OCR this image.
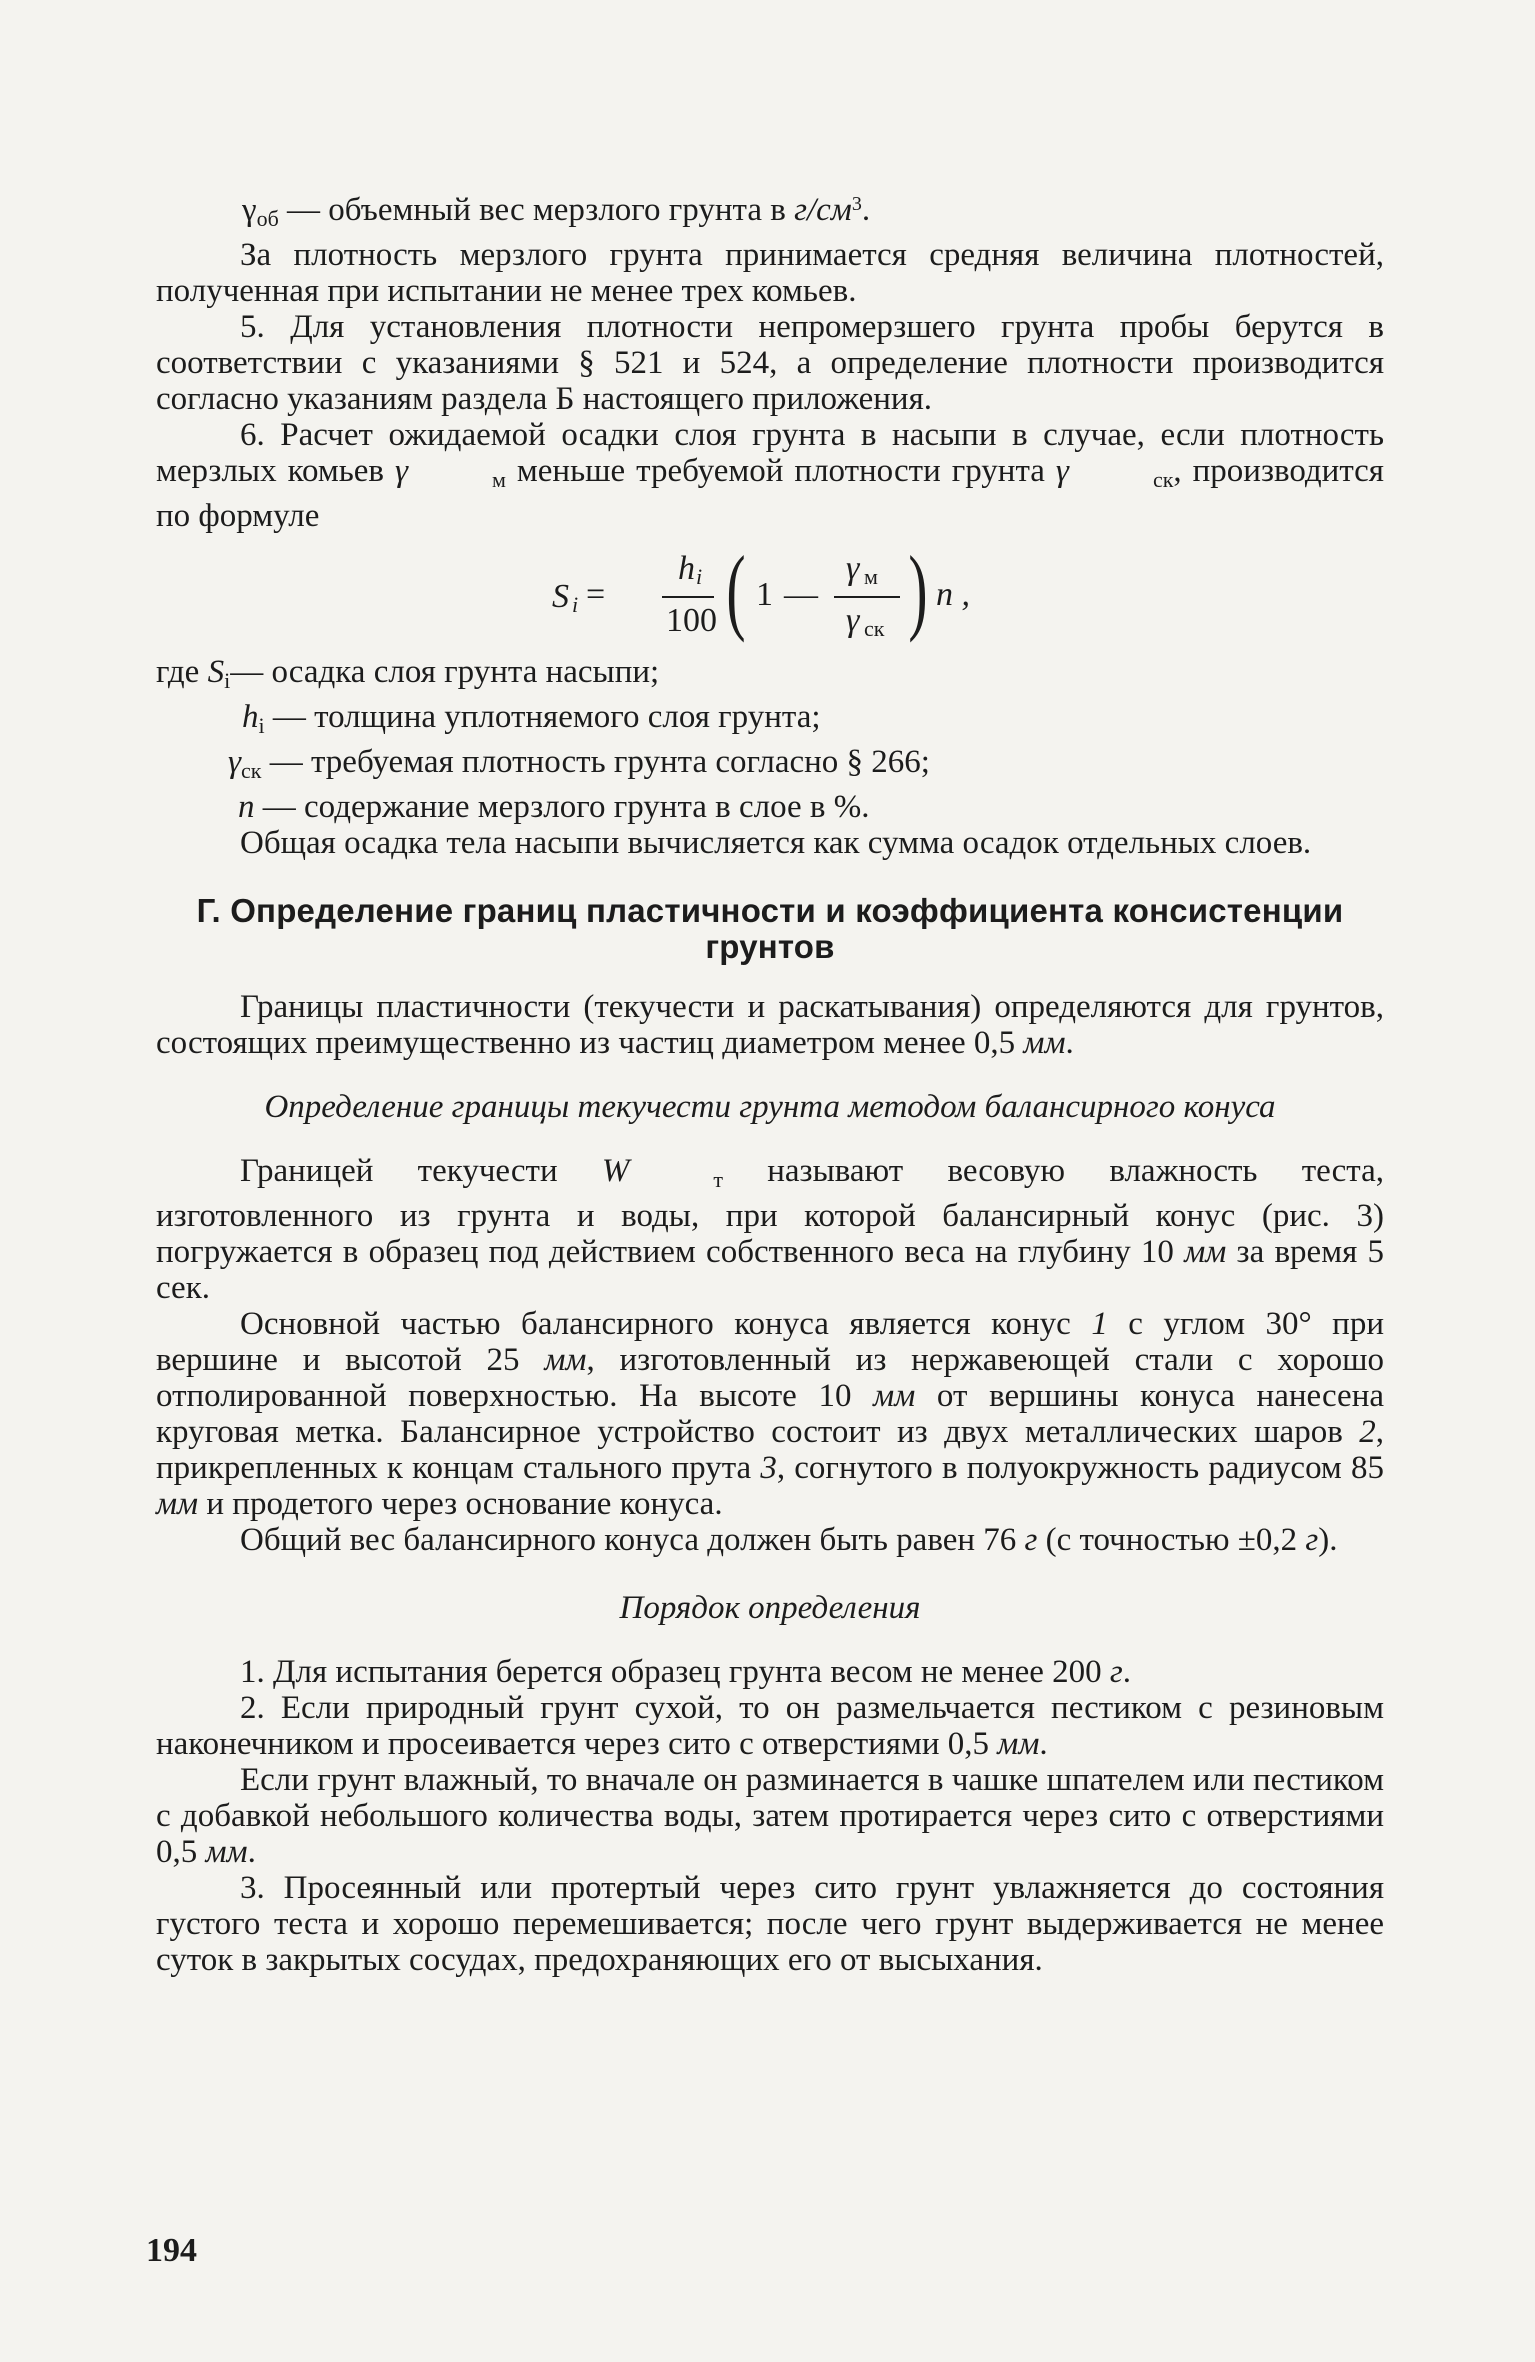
γоб — объемный вес мерзлого грунта в $г/см^3$.

За плотность мерзлого грунта принимается средняя величина плотностей, полученная при испытании не менее трех комьев.

5. Для установления плотности непромерзшего грунта пробы берутся в соответствии с указаниями § 521 и 524, а определение плотности производится согласно указаниям раздела Б настоящего приложения.

6. Расчет ожидаемой осадки слоя грунта в насыпи в случае, если плотность мерзлых комьев γ	м меньше требуемой плотности грунта γ	ск, производится по формуле

S i =
h i
100 ( 1 —
γ м
γ ск ) n ,

где Si— осадка слоя грунта насыпи;

hi — толщина уплотняемого слоя грунта;

γск — требуемая плотность грунта согласно § 266;

n — содержание мерзлого грунта в слое в %.

Общая осадка тела насыпи вычисляется как сумма осадок отдельных слоев.

Г. Определение границ пластичности и коэффициента консистенции грунтов

Границы пластичности (текучести и раскатывания) определяются для грунтов, состоящих преимущественно из частиц диаметром менее 0,5 мм.

Определение границы текучести грунта методом балансирного конуса

Границей текучести W	т называют весовую влажность теста, изготовленного из грунта и воды, при которой балансирный конус (рис. 3) погружается в образец под действием собственного веса на глубину 10 мм за время 5 сек.

Основной частью балансирного конуса является конус 1 с углом 30° при вершине и высотой 25 мм, изготовленный из нержавеющей стали с хорошо отполированной поверхностью. На высоте 10 мм от вершины конуса нанесена круговая метка. Балансирное устройство состоит из двух металлических шаров 2, прикрепленных к концам стального прута 3, согнутого в полуокружность радиусом 85 мм и продетого через основание конуса.

Общий вес балансирного конуса должен быть равен 76 г (с точностью ±0,2 г).

Порядок определения

1. Для испытания берется образец грунта весом не менее 200 г.

2. Если природный грунт сухой, то он размельчается пестиком с резиновым наконечником и просеивается через сито с отверстиями 0,5 мм.

Если грунт влажный, то вначале он разминается в чашке шпателем или пестиком с добавкой небольшого количества воды, затем протирается через сито с отверстиями 0,5 мм.

3. Просеянный или протертый через сито грунт увлажняется до состояния густого теста и хорошо перемешивается; после чего грунт выдерживается не менее суток в закрытых сосудах, предохраняющих его от высыхания.

194
